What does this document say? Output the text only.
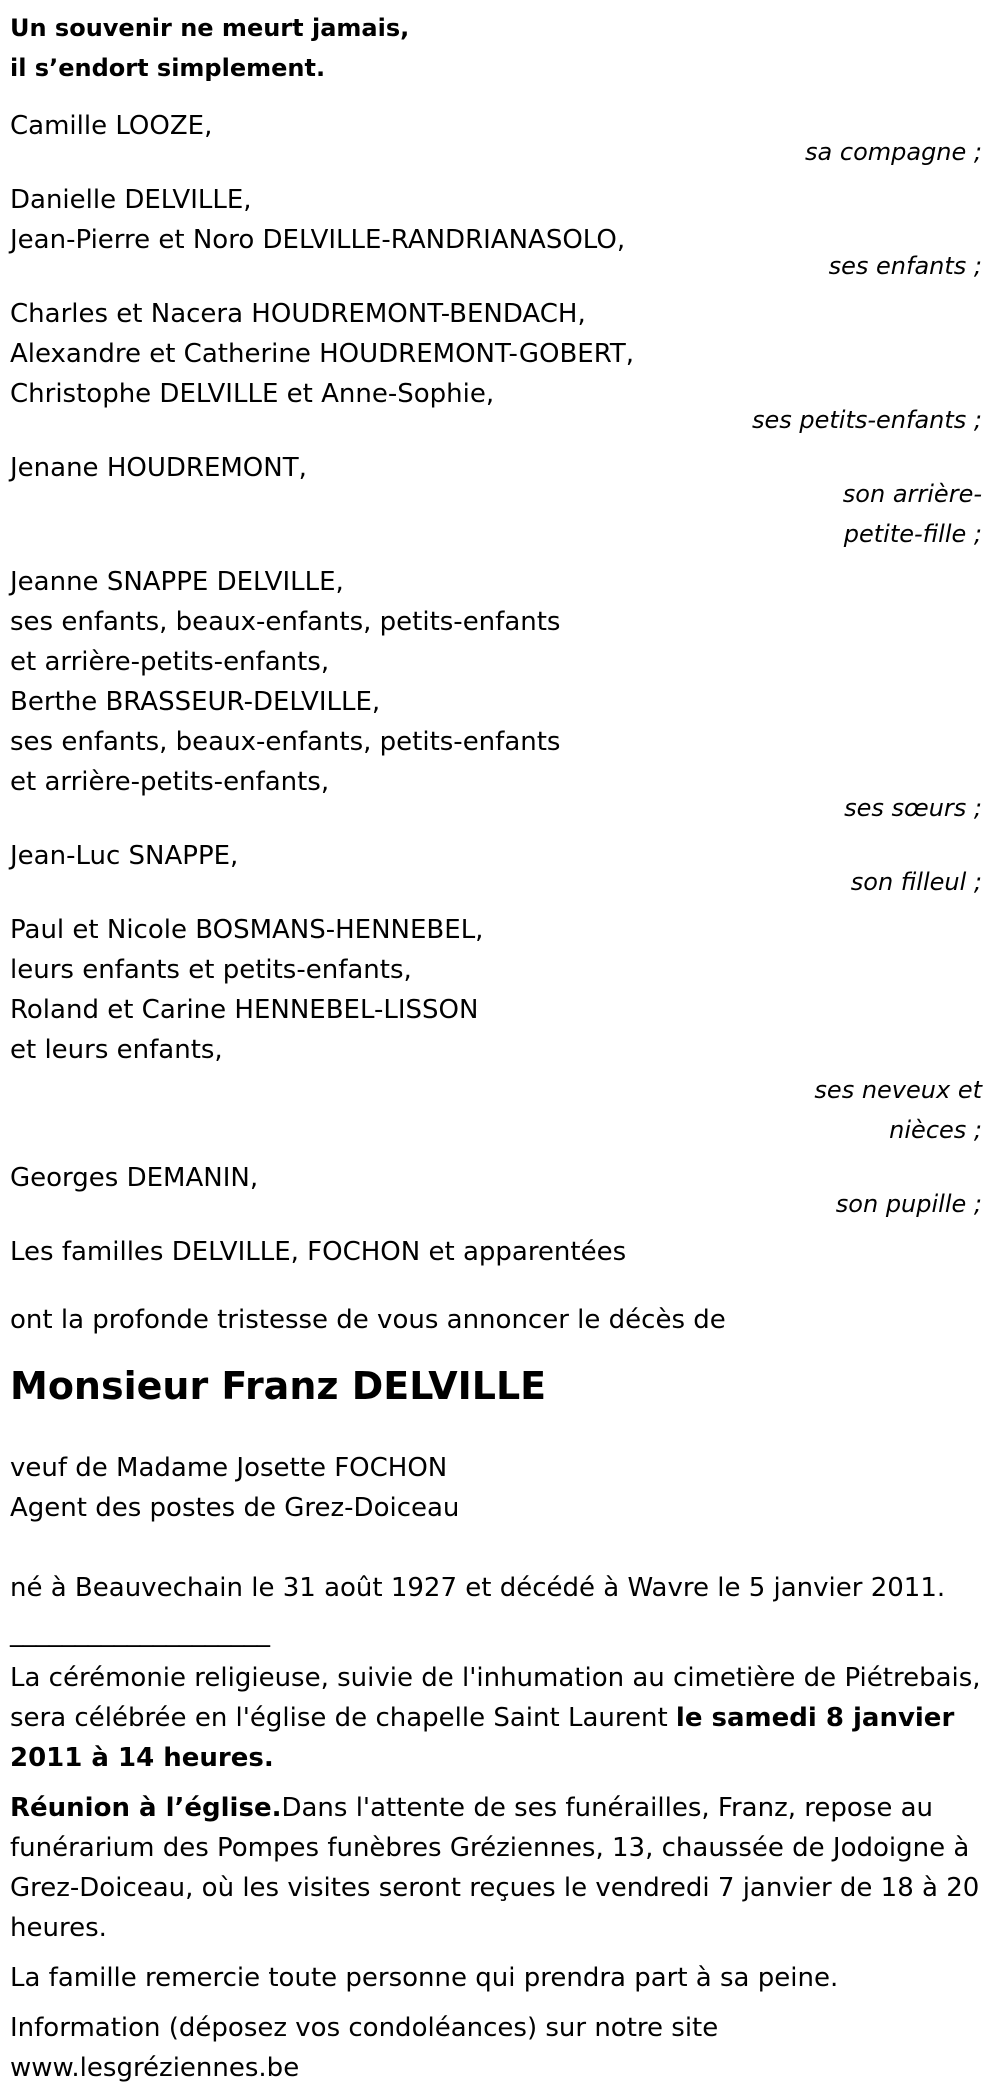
Un souvenir ne meurt jamais,
il s’endort simplement.
Camille LOOZE,
sa compagne ;
Danielle DELVILLE,
Jean-Pierre et Noro DELVILLE-RANDRIANASOLO,
ses enfants ;
Charles et Nacera HOUDREMONT-BENDACH,
Alexandre et Catherine HOUDREMONT-GOBERT,
Christophe DELVILLE et Anne-Sophie,
ses petits-enfants ;
Jenane HOUDREMONT,
son arrière-
petite-fille ;
Jeanne SNAPPE DELVILLE,
ses enfants, beaux-enfants, petits-enfants
et arrière-petits-enfants,
Berthe BRASSEUR-DELVILLE,
ses enfants, beaux-enfants, petits-enfants
et arrière-petits-enfants,
ses sœurs ;
Jean-Luc SNAPPE,
son filleul ;
Paul et Nicole BOSMANS-HENNEBEL,
leurs enfants et petits-enfants,
Roland et Carine HENNEBEL-LISSON
et leurs enfants,
ses neveux et
nièces ;
Georges DEMANIN,
son pupille ;
Les familles DELVILLE, FOCHON et apparentées

ont la profonde tristesse de vous annoncer le décès de

Monsieur Franz DELVILLE
veuf de Madame Josette FOCHON
Agent des postes de Grez-Doiceau

né à Beauvechain le 31 août 1927 et décédé à Wavre le 5 janvier 2011.

____________________

La cérémonie religieuse, suivie de l'inhumation au cimetière de Piétrebais, sera célébrée en l'église de chapelle Saint Laurent le samedi 8 janvier 2011 à 14 heures.

Réunion à l’église.Dans l'attente de ses funérailles, Franz, repose au funérarium des Pompes funèbres Gréziennes, 13, chaussée de Jodoigne à Grez-Doiceau, où les visites seront reçues le vendredi 7 janvier de 18 à 20 heures.

La famille remercie toute personne qui prendra part à sa peine.

Information (déposez vos condoléances) sur notre site
www.lesgréziennes.be
